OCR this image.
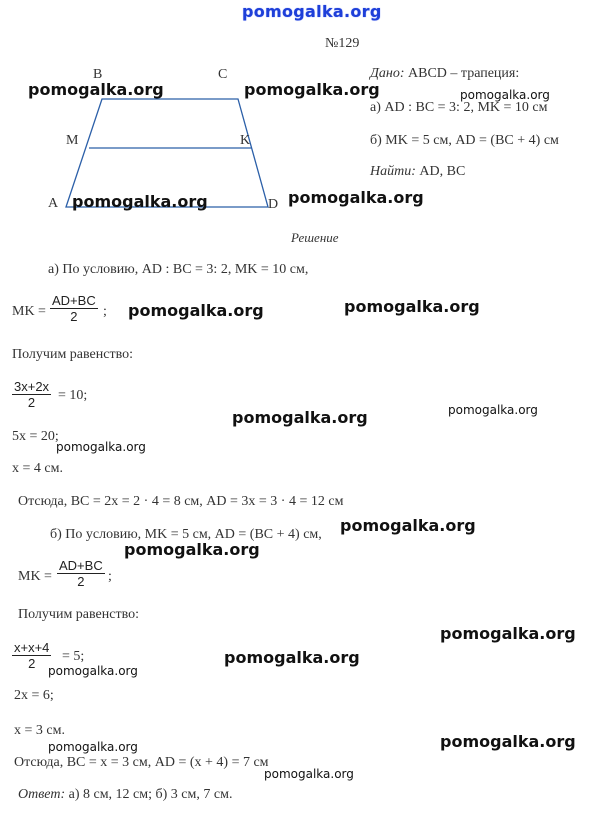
pomogalka.org
№129
B	C
M	K
A	D
Дано: ABCD – трапеция:
а) AD : BC = 3: 2, MK = 10 см
б) MK = 5 см, AD = (BC + 4) см
Найти: AD, BC
Решение
а) По условию, AD : BC = 3: 2, MK = 10 см,
MK = $\frac{AD+BC}{2}$ ;
Получим равенство:
$\frac{3x+2x}{2} = 10$;
5x = 20;
x = 4 см.
Отсюда, BC = 2x = 2 · 4 = 8 см, AD = 3x = 3 · 4 = 12 см
б) По условию, MK = 5 см, AD = (BC + 4) см,
MK = $\frac{AD+BC}{2}$ ;
Получим равенство:
$\frac{x+x+4}{2} = 5$;
2x = 6;
x = 3 см.
Отсюда, BC = x = 3 см, AD = (x + 4) = 7 см
Ответ: а) 8 см, 12 см; б) 3 см, 7 см.
pomogalka.org	pomogalka.org
pomogalka.org	pomogalka.org
pomogalka.org	pomogalka.org
pomogalka.org
pomogalka.org
pomogalka.org
pomogalka.org
pomogalka.org
pomogalka.org
pomogalka.org
pomogalka.org
pomogalka.org
pomogalka.org
pomogalka.org
pomogalka.org
